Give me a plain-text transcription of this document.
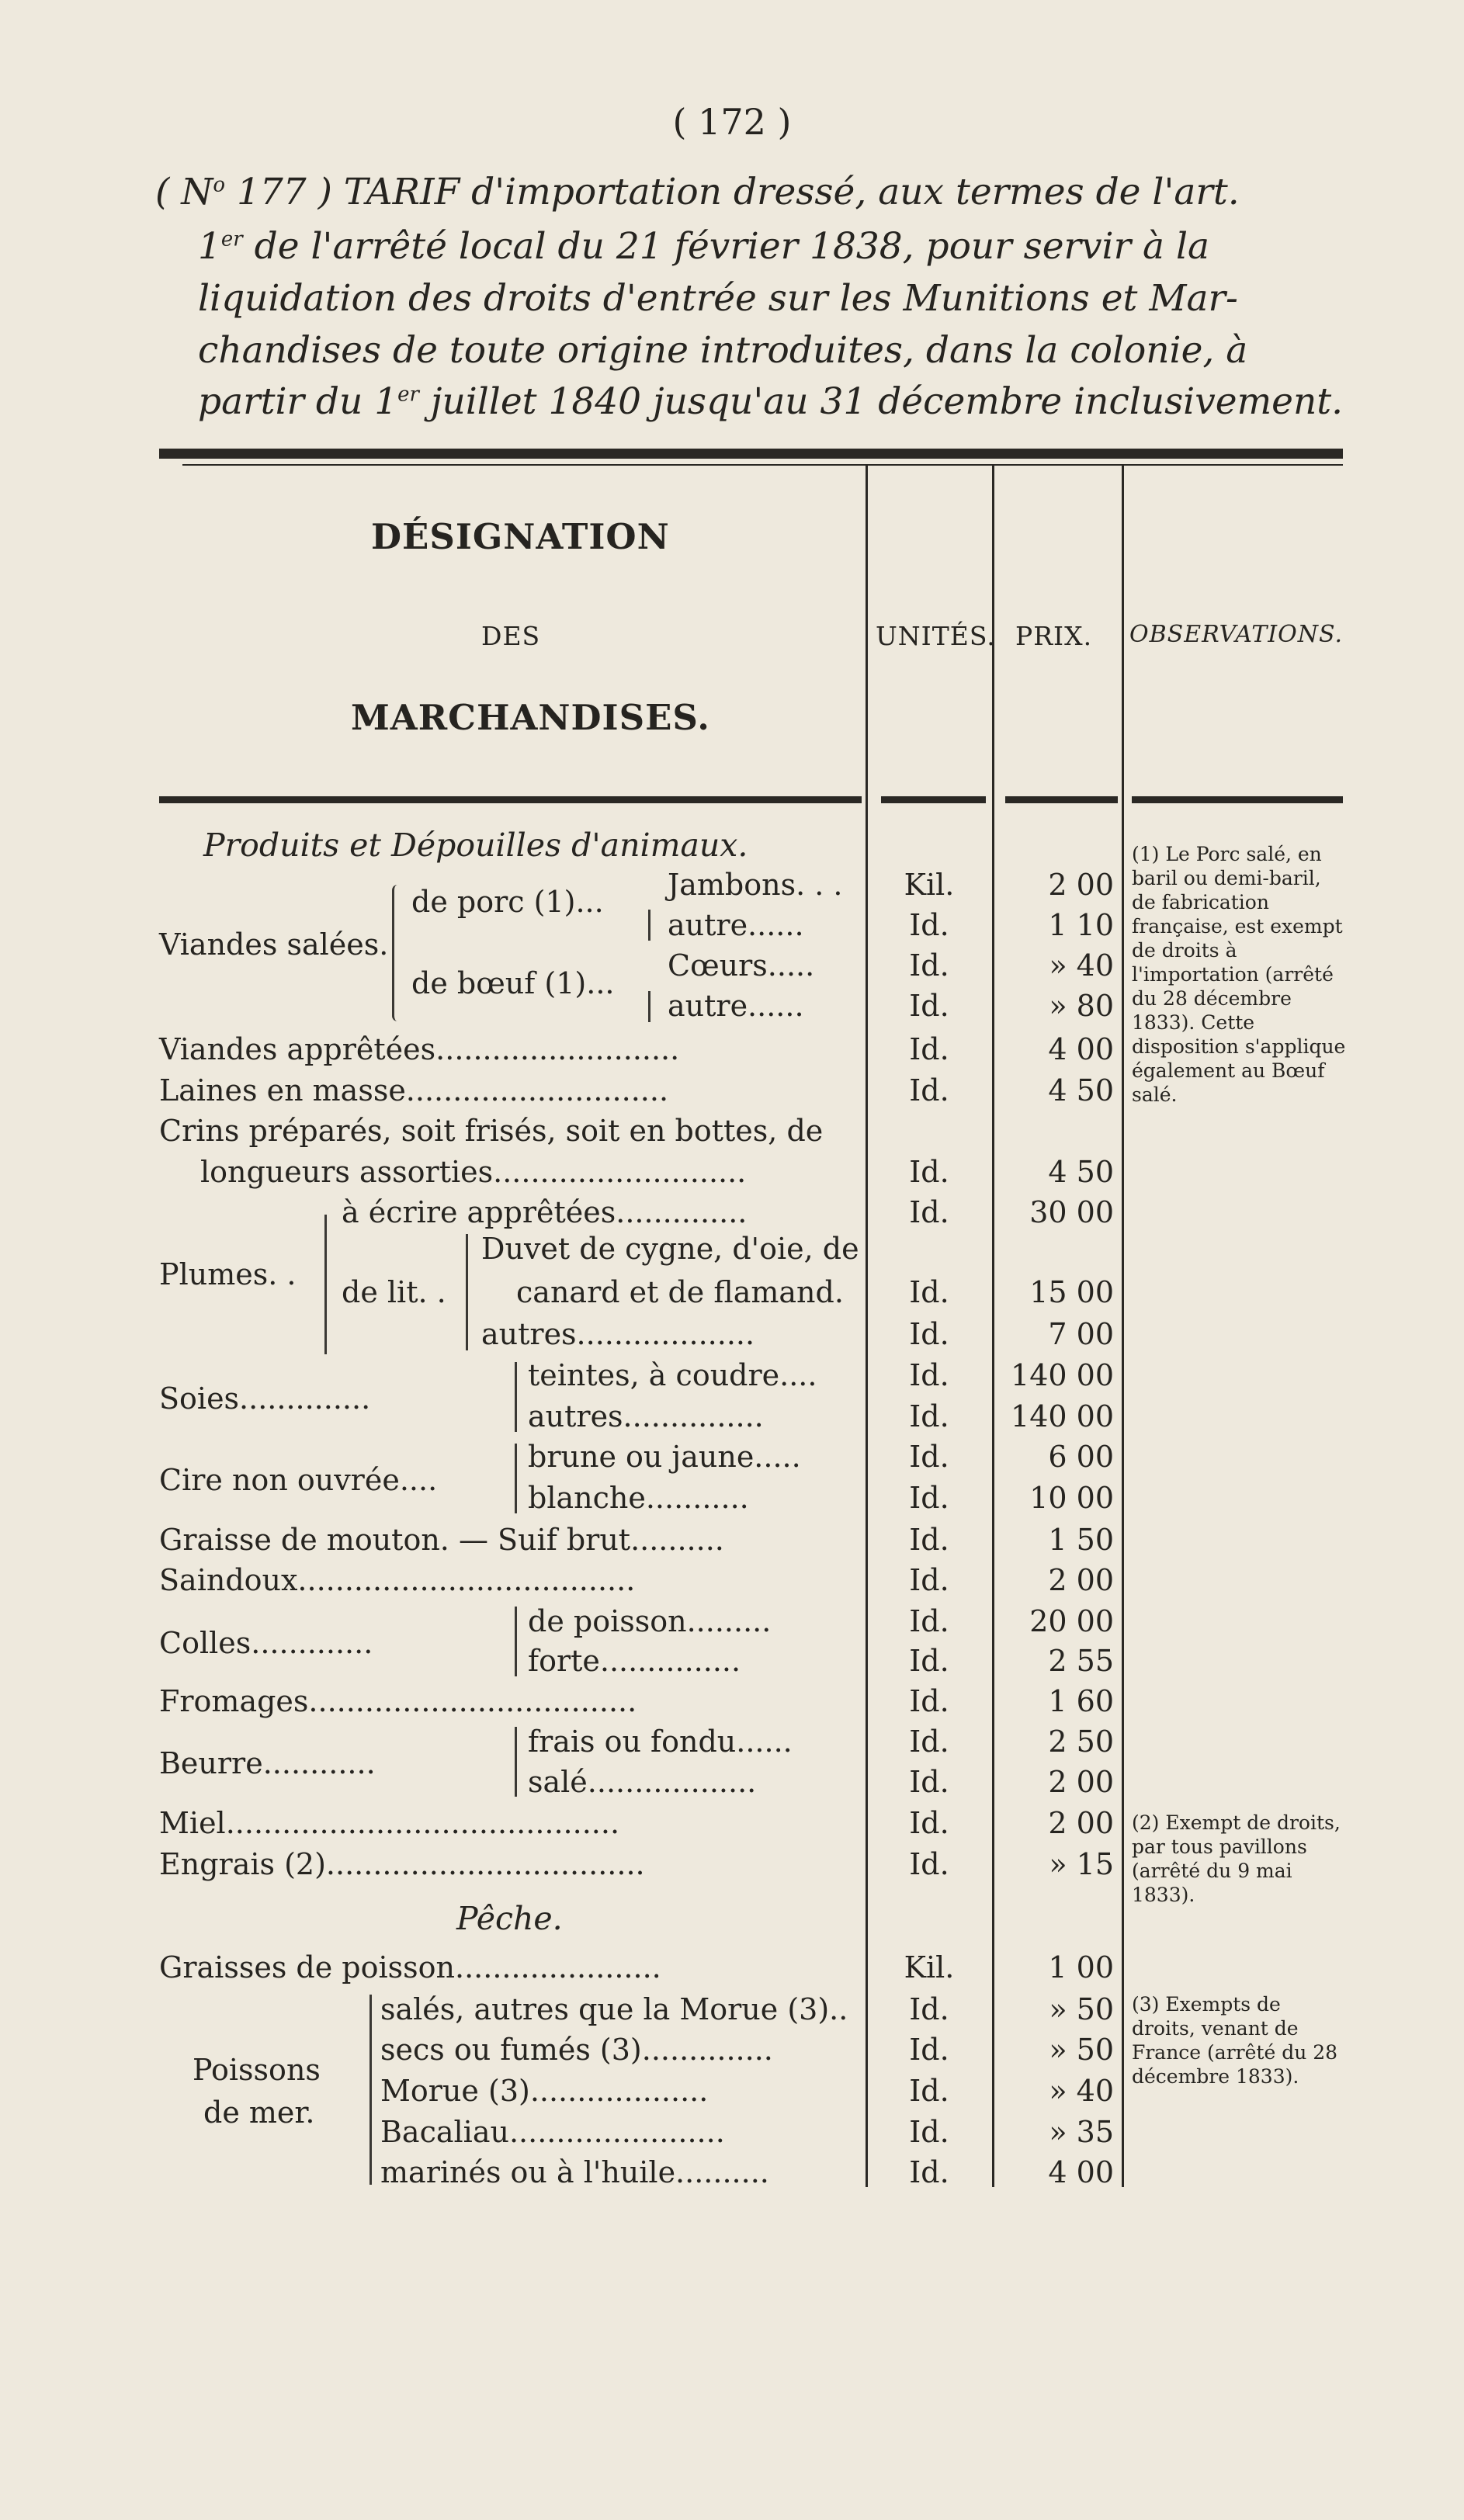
( 172 )
( $N^o$ 177 ) TARIF d'importation dressé, aux termes de l'art.
1er de l'arrêté local du 21 février 1838, pour servir à la
liquidation des droits d'entrée sur les Munitions et Mar-
chandises de toute origine introduites, dans la colonie, à
partir du 1er juillet 1840 jusqu'au 31 décembre inclusivement.
DÉSIGNATION
DES
MARCHANDISES.
UNITÉS. PRIX. OBSERVATIONS.
Produits et Dépouilles d'animaux.
Viandes salées.
de porc (1)...
de bœuf (1)...
Plumes. .
de lit. .
Soies..............
Cire non ouvrée....
Colles.............
Beurre............
Poissons
de mer.
Jambons. . .
autre......
Cœurs.....
autre......
Viandes apprêtées..........................
Laines en masse............................
Crins préparés, soit frisés, soit en bottes, de
longueurs assorties...........................
à écrire apprêtées..............
Duvet de cygne, d'oie, de
canard et de flamand.
autres...................
teintes, à coudre....
autres...............
brune ou jaune.....
blanche...........
Graisse de mouton. — Suif brut..........
Saindoux....................................
de poisson.........
forte...............
Fromages...................................
frais ou fondu......
salé..................
Miel..........................................
Engrais (2)..................................
Pêche.
Graisses de poisson......................
salés, autres que la Morue (3)..
secs ou fumés (3)..............
Morue (3)...................
Bacaliau.......................
marinés ou à l'huile..........
Kil.
Id.
Id.
Id.
Id.
Id.
Id.
Id.
Id.
Id.
Id.
Id.
Id.
Id.
Id.
Id.
Id.
Id.
Id.
Id.
Id.
Id.
Id.
Kil.
Id.
Id.
Id.
Id.
Id.
2 00
1 10
» 40
» 80
4 00
4 50
4 50
30 00
15 00
7 00
140 00
140 00
6 00
10 00
1 50
2 00
20 00
2 55
1 60
2 50
2 00
2 00
» 15
1 00
» 50
» 50
» 40
» 35
4 00
(1) Le Porc salé, en baril ou demi-baril, de fabrication française, est exempt de droits à l'importation (arrêté du 28 décembre 1833). Cette disposition s'applique également au Bœuf salé.
(2) Exempt de droits, par tous pavillons (arrêté du 9 mai 1833).
(3) Exempts de droits, venant de France (arrêté du 28 décembre 1833).
